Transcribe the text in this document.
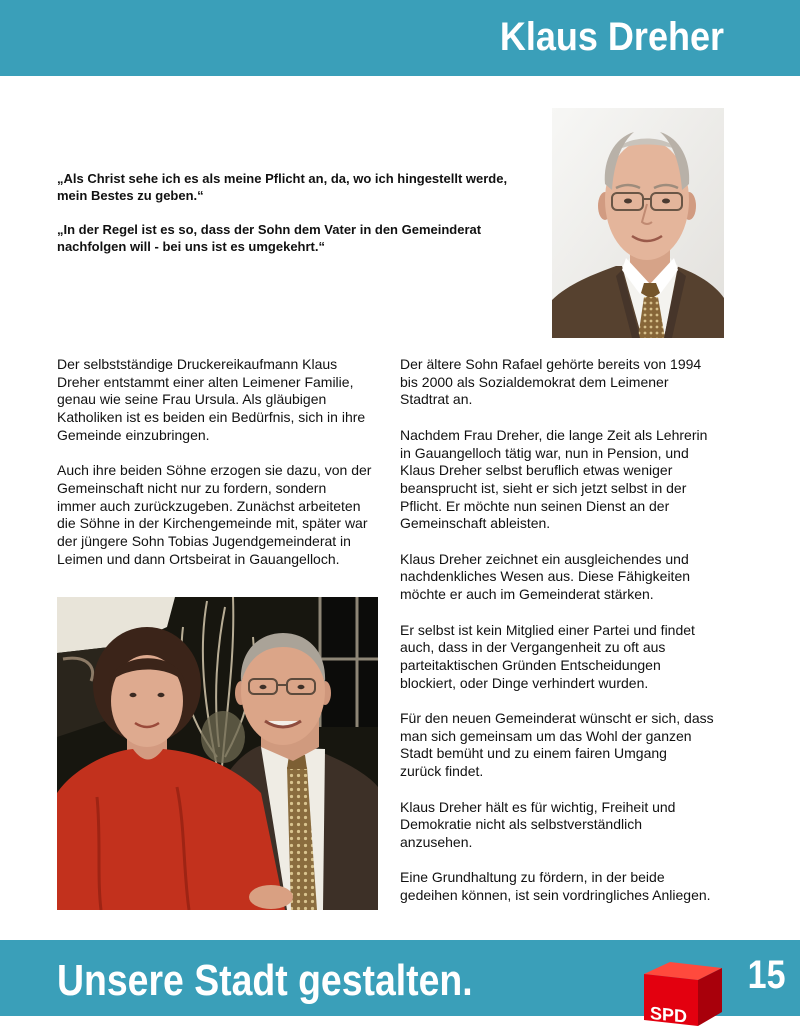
Klaus Dreher

„Als Christ sehe ich es als meine Pflicht an, da, wo ich hingestellt werde,
mein Bestes zu geben.“

„In der Regel ist es so, dass der Sohn dem Vater in den Gemeinderat
nachfolgen will - bei uns ist es umgekehrt.“

Der selbstständige Druckereikaufmann Klaus
Dreher entstammt einer alten Leimener Familie,
genau wie seine Frau Ursula. Als gläubigen
Katholiken ist es beiden ein Bedürfnis, sich in ihre
Gemeinde einzubringen.

Auch ihre beiden Söhne erzogen sie dazu, von der
Gemeinschaft nicht nur zu fordern, sondern
immer auch zurückzugeben. Zunächst arbeiteten
die Söhne in der Kirchengemeinde mit, später war
der jüngere Sohn Tobias Jugendgemeinderat in
Leimen und dann Ortsbeirat in Gauangelloch.

Der ältere Sohn Rafael gehörte bereits von 1994
bis 2000 als Sozialdemokrat dem Leimener
Stadtrat an.

Nachdem Frau Dreher, die lange Zeit als Lehrerin
in Gauangelloch tätig war, nun in Pension, und
Klaus Dreher selbst beruflich etwas weniger
beansprucht ist, sieht er sich jetzt selbst in der
Pflicht. Er möchte nun seinen Dienst an der
Gemeinschaft ableisten.

Klaus Dreher zeichnet ein ausgleichendes und
nachdenkliches Wesen aus. Diese Fähigkeiten
möchte er auch im Gemeinderat stärken.

Er selbst ist kein Mitglied einer Partei und findet
auch, dass in der Vergangenheit zu oft aus
parteitaktischen Gründen Entscheidungen
blockiert, oder Dinge verhindert wurden.

Für den neuen Gemeinderat wünscht er sich, dass
man sich gemeinsam um das Wohl der ganzen
Stadt bemüht und zu einem fairen Umgang
zurück findet.

Klaus Dreher hält es für wichtig, Freiheit und
Demokratie nicht als selbstverständlich
anzusehen.

Eine Grundhaltung zu fördern, in der beide
gedeihen können, ist sein vordringliches Anliegen.

Unsere Stadt gestalten.
SPD
15
